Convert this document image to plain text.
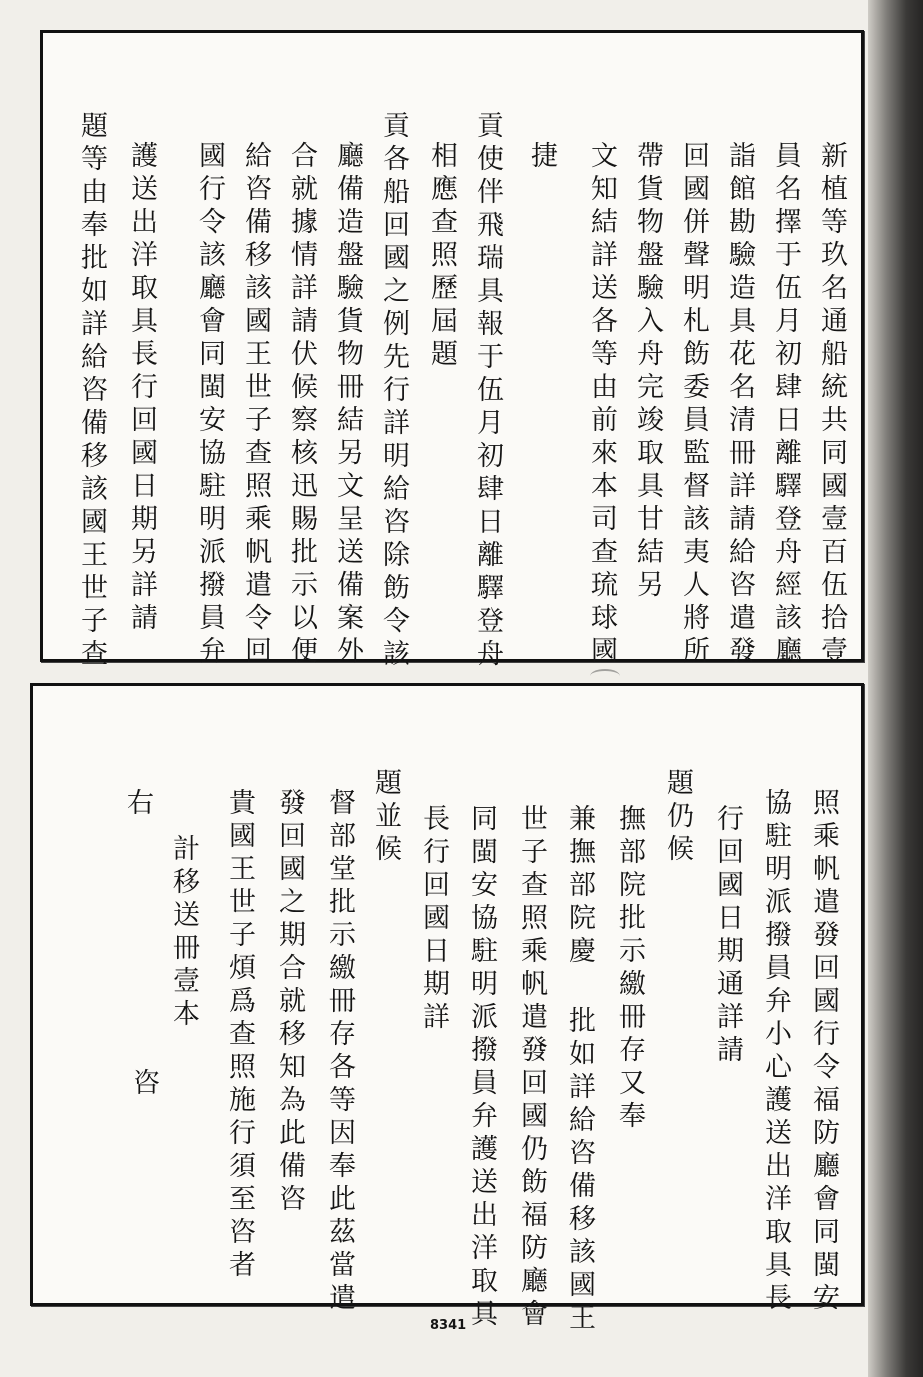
新植等玖名通船統共同國壹百伍拾壹
員名擇于伍月初肆日離驛登舟經該廳
詣館勘驗造具花名清冊詳請給咨遣發
回國併聲明札飭委員監督該夷人將所
帶貨物盤驗入舟完竣取具甘結另
文知結詳送各等由前來本司查琉球國
捷
貢使伴飛瑞具報于伍月初肆日離驛登舟
相應查照歷屆題
貢各船回國之例先行詳明給咨除飭令該
廳備造盤驗貨物冊結另文呈送備案外
合就據情詳請伏候察核迅賜批示以便
給咨備移該國王世子查照乘帆遣令回
國行令該廳會同閩安協駐明派撥員弁
護送出洋取具長行回國日期另詳請
題等由奉批如詳給咨備移該國王世子查
照乘帆遣發回國行令福防廳會同閩安
協駐明派撥員弁小心護送出洋取具長
行回國日期通詳請
題仍候
撫部院批示繳冊存又奉
兼撫部院慶 批如詳給咨備移該國王
世子查照乘帆遣發回國仍飭福防廳會
同閩安協駐明派撥員弁護送出洋取具
長行回國日期詳
題並候
督部堂批示繳冊存各等因奉此茲當遣
發回國之期合就移知為此備咨
貴國王世子煩爲查照施行須至咨者
計移送冊壹本
咨
右
8341
